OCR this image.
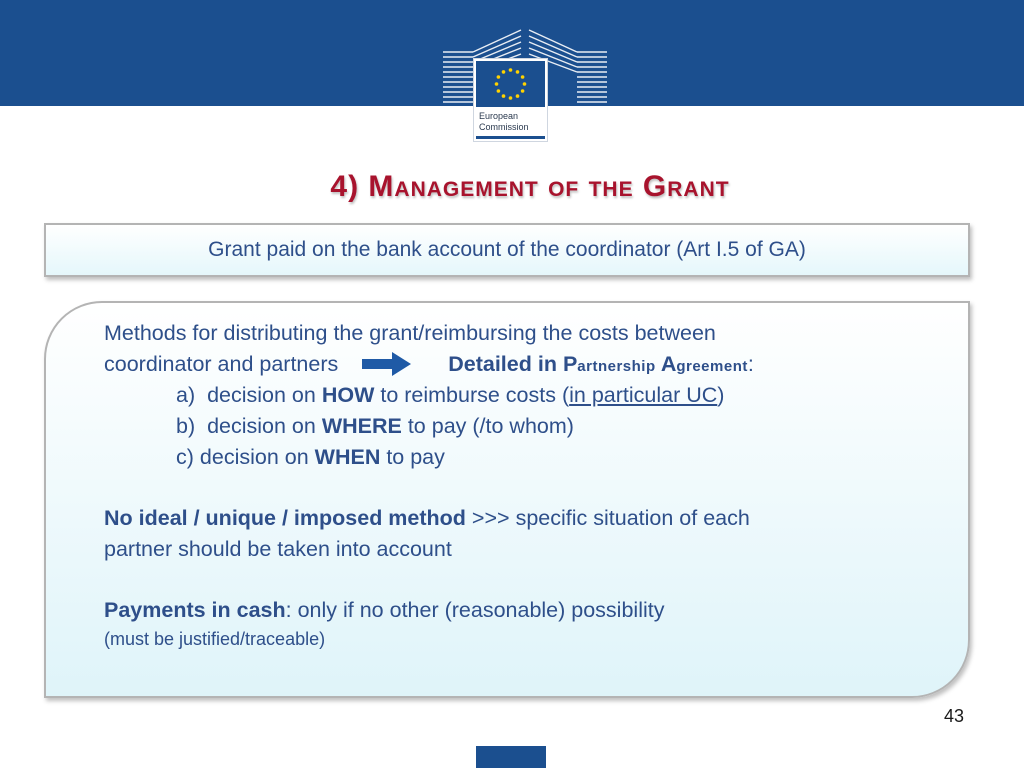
European
Commission
4) Management of the Grant
Grant paid on the bank account of the coordinator (Art I.5 of GA)
Methods for distributing the grant/reimbursing the costs between
coordinator and partners	Detailed in Partnership Agreement:
a) decision on HOW to reimburse costs (in particular UC)
b) decision on WHERE to pay (/to whom)
c) decision on WHEN to pay
No ideal / unique / imposed method >>> specific situation of each
partner should be taken into account
Payments in cash: only if no other (reasonable) possibility
(must be justified/traceable)
43
